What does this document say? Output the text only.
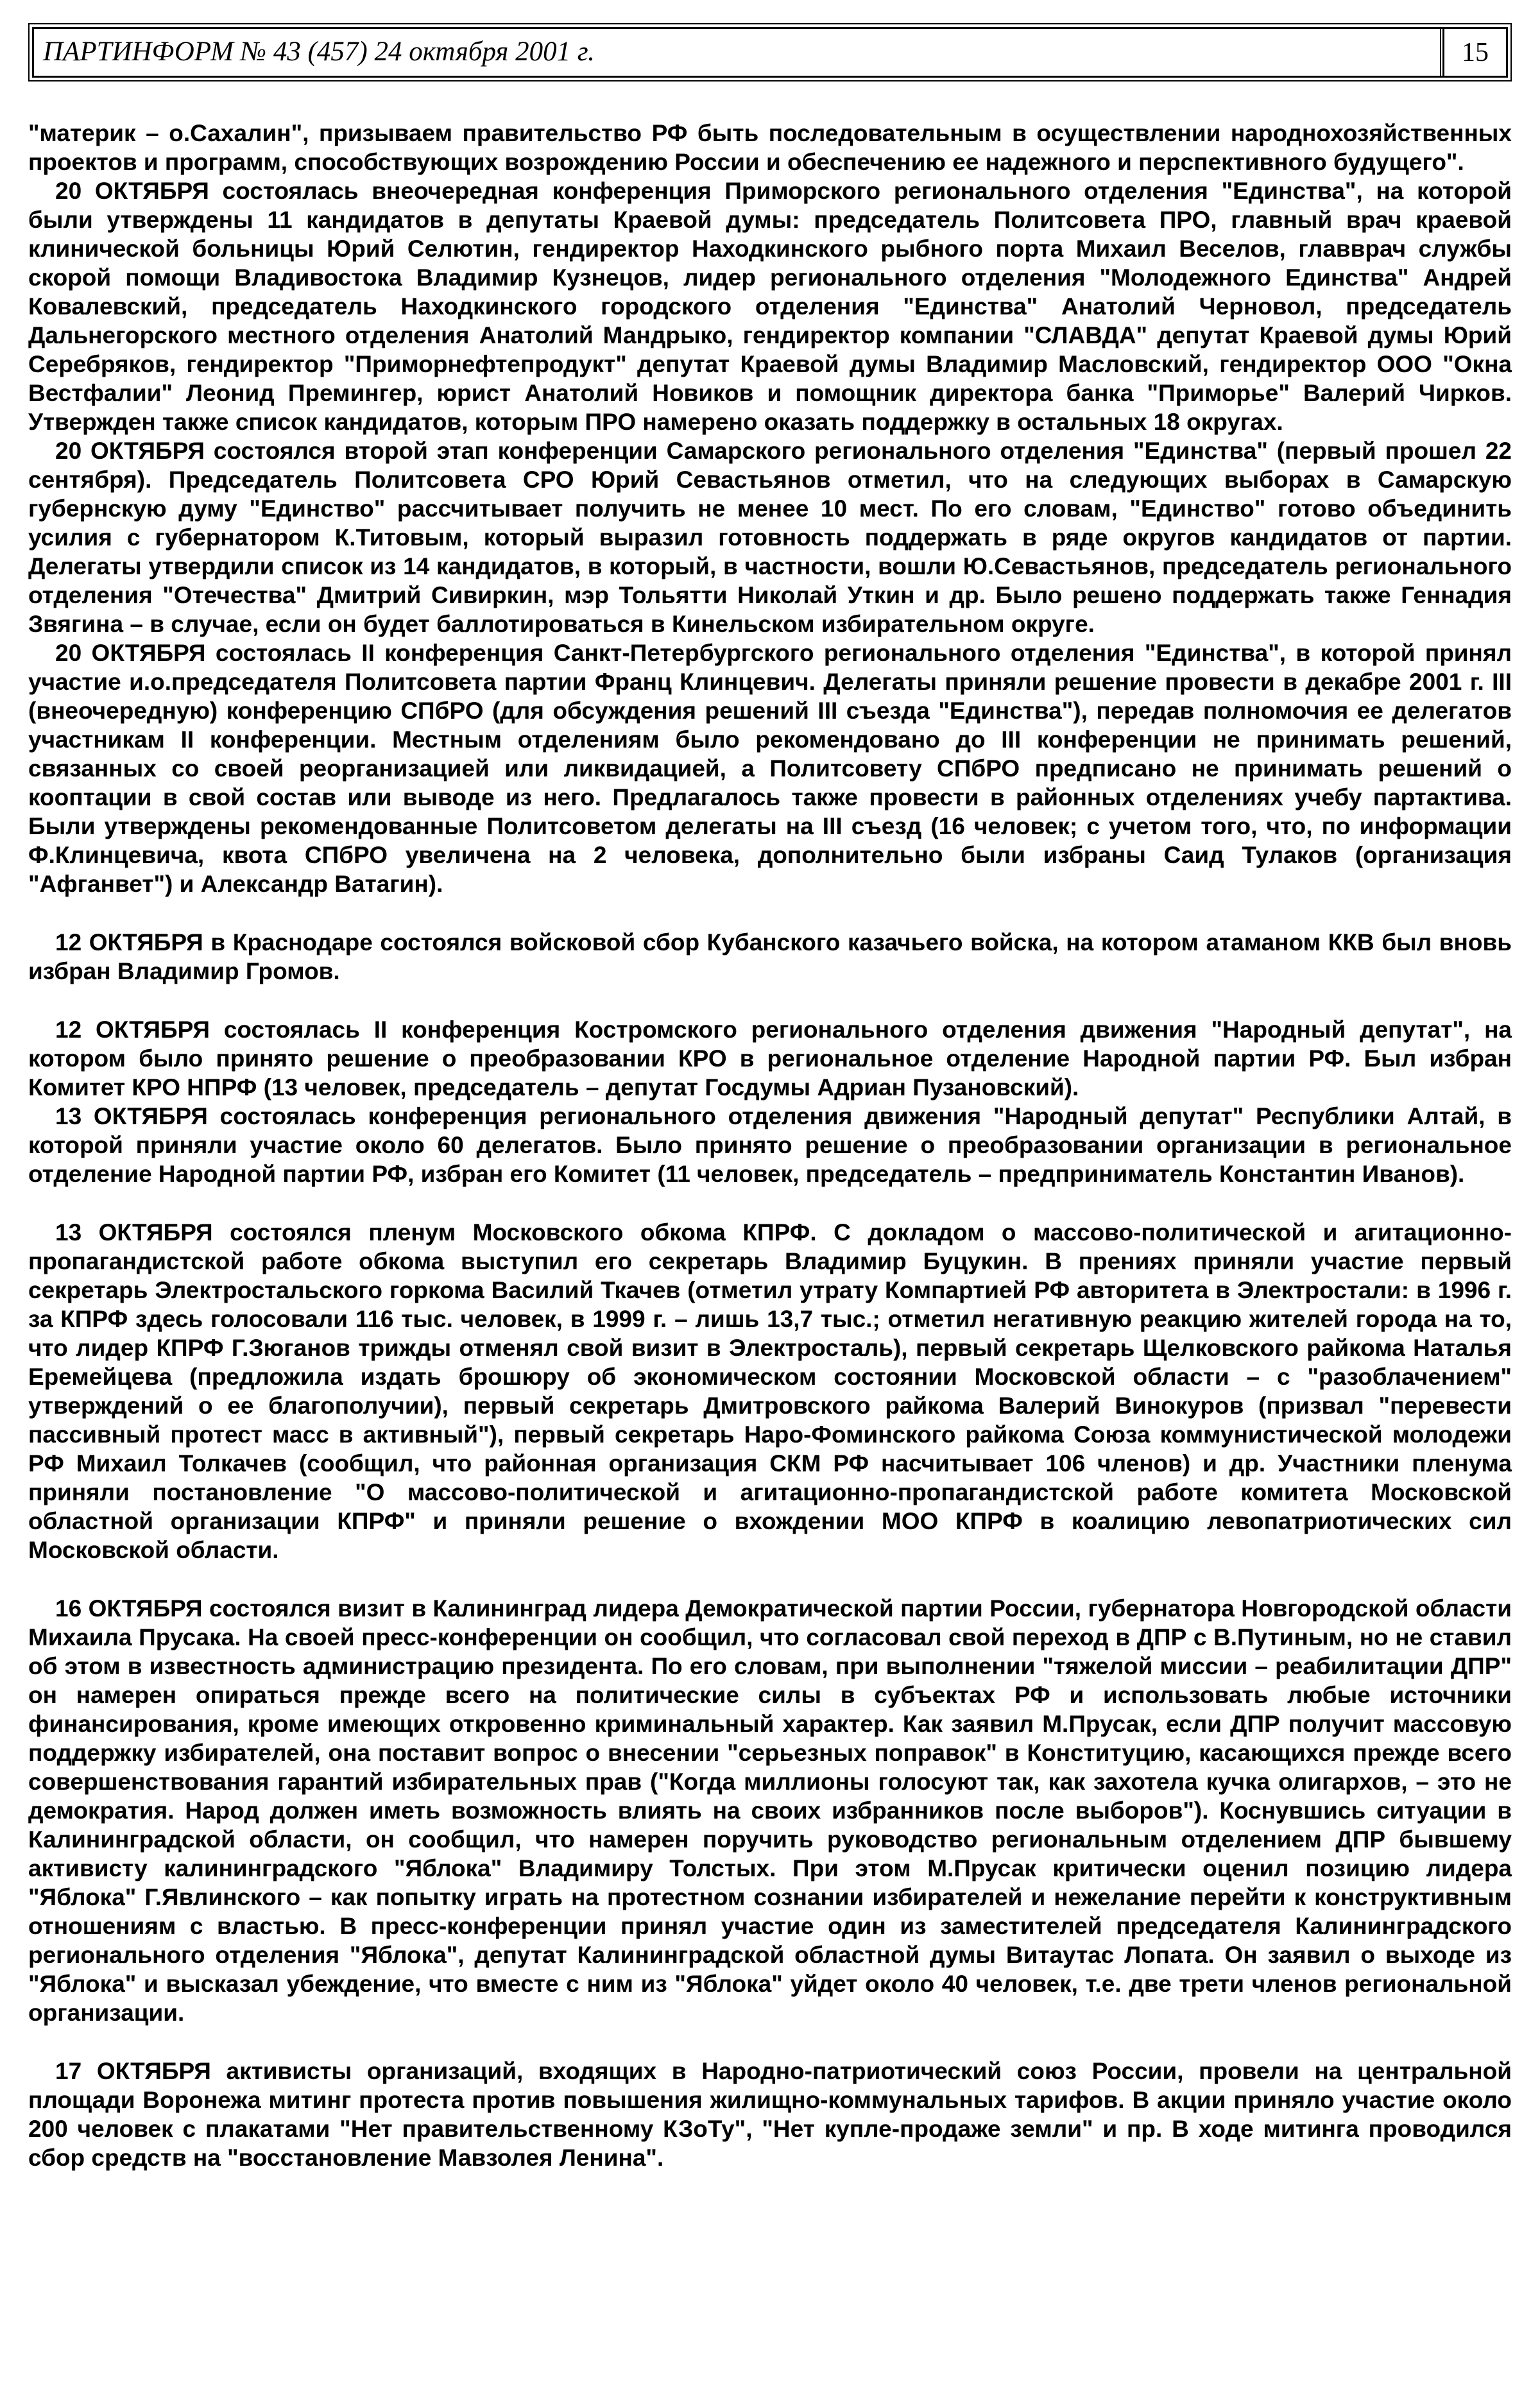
ПАРТИНФОРМ № 43 (457) 24 октября 2001 г.	15

"материк – о.Сахалин", призываем правительство РФ быть последовательным в осуществлении народнохозяйственных проектов и программ, способствующих возрождению России и обеспечению ее надежного и перспективного будущего".

20 ОКТЯБРЯ состоялась внеочередная конференция Приморского регионального отделения "Единства", на которой были утверждены 11 кандидатов в депутаты Краевой думы: председатель Политсовета ПРО, главный врач краевой клинической больницы Юрий Селютин, гендиректор Находкинского рыбного порта Михаил Веселов, главврач службы скорой помощи Владивостока Владимир Кузнецов, лидер регионального отделения "Молодежного Единства" Андрей Ковалевский, председатель Находкинского городского отделения "Единства" Анатолий Черновол, председатель Дальнегорского местного отделения Анатолий Мандрыко, гендиректор компании "СЛАВДА" депутат Краевой думы Юрий Серебряков, гендиректор "Приморнефтепродукт" депутат Краевой думы Владимир Масловский, гендиректор ООО "Окна Вестфалии" Леонид Премингер, юрист Анатолий Новиков и помощник директора банка "Приморье" Валерий Чирков. Утвержден также список кандидатов, которым ПРО намерено оказать поддержку в остальных 18 округах.

20 ОКТЯБРЯ состоялся второй этап конференции Самарского регионального отделения "Единства" (первый прошел 22 сентября). Председатель Политсовета СРО Юрий Севастьянов отметил, что на следующих выборах в Самарскую губернскую думу "Единство" рассчитывает получить не менее 10 мест. По его словам, "Единство" готово объединить усилия с губернатором К.Титовым, который выразил готовность поддержать в ряде округов кандидатов от партии. Делегаты утвердили список из 14 кандидатов, в который, в частности, вошли Ю.Севастьянов, председатель регионального отделения "Отечества" Дмитрий Сивиркин, мэр Тольятти Николай Уткин и др. Было решено поддержать также Геннадия Звягина – в случае, если он будет баллотироваться в Кинельском избирательном округе.

20 ОКТЯБРЯ состоялась II конференция Санкт-Петербургского регионального отделения "Единства", в которой принял участие и.о.председателя Политсовета партии Франц Клинцевич. Делегаты приняли решение провести в декабре 2001 г. III (внеочередную) конференцию СПбРО (для обсуждения решений III съезда "Единства"), передав полномочия ее делегатов участникам II конференции. Местным отделениям было рекомендовано до III конференции не принимать решений, связанных со своей реорганизацией или ликвидацией, а Политсовету СПбРО предписано не принимать решений о кооптации в свой состав или выводе из него. Предлагалось также провести в районных отделениях учебу партактива. Были утверждены рекомендованные Политсоветом делегаты на III съезд (16 человек; с учетом того, что, по информации Ф.Клинцевича, квота СПбРО увеличена на 2 человека, дополнительно были избраны Саид Тулаков (организация "Афганвет") и Александр Ватагин).

12 ОКТЯБРЯ в Краснодаре состоялся войсковой сбор Кубанского казачьего войска, на котором атаманом ККВ был вновь избран Владимир Громов.

12 ОКТЯБРЯ состоялась II конференция Костромского регионального отделения движения "Народный депутат", на котором было принято решение о преобразовании КРО в региональное отделение Народной партии РФ. Был избран Комитет КРО НПРФ (13 человек, председатель – депутат Госдумы Адриан Пузановский).

13 ОКТЯБРЯ состоялась конференция регионального отделения движения "Народный депутат" Республики Алтай, в которой приняли участие около 60 делегатов. Было принято решение о преобразовании организации в региональное отделение Народной партии РФ, избран его Комитет (11 человек, председатель – предприниматель Константин Иванов).

13 ОКТЯБРЯ состоялся пленум Московского обкома КПРФ. С докладом о массово-политической и агитационно-пропагандистской работе обкома выступил его секретарь Владимир Буцукин. В прениях приняли участие первый секретарь Электростальского горкома Василий Ткачев (отметил утрату Компартией РФ авторитета в Электростали: в 1996 г. за КПРФ здесь голосовали 116 тыс. человек, в 1999 г. – лишь 13,7 тыс.; отметил негативную реакцию жителей города на то, что лидер КПРФ Г.Зюганов трижды отменял свой визит в Электросталь), первый секретарь Щелковского райкома Наталья Еремейцева (предложила издать брошюру об экономическом состоянии Московской области – с "разоблачением" утверждений о ее благополучии), первый секретарь Дмитровского райкома Валерий Винокуров (призвал "перевести пассивный протест масс в активный"), первый секретарь Наро-Фоминского райкома Союза коммунистической молодежи РФ Михаил Толкачев (сообщил, что районная организация СКМ РФ насчитывает 106 членов) и др. Участники пленума приняли постановление "О массово-политической и агитационно-пропагандистской работе комитета Московской областной организации КПРФ" и приняли решение о вхождении МОО КПРФ в коалицию левопатриотических сил Московской области.

16 ОКТЯБРЯ состоялся визит в Калининград лидера Демократической партии России, губернатора Новгородской области Михаила Прусака. На своей пресс-конференции он сообщил, что согласовал свой переход в ДПР с В.Путиным, но не ставил об этом в известность администрацию президента. По его словам, при выполнении "тяжелой миссии – реабилитации ДПР" он намерен опираться прежде всего на политические силы в субъектах РФ и использовать любые источники финансирования, кроме имеющих откровенно криминальный характер. Как заявил М.Прусак, если ДПР получит массовую поддержку избирателей, она поставит вопрос о внесении "серьезных поправок" в Конституцию, касающихся прежде всего совершенствования гарантий избирательных прав ("Когда миллионы голосуют так, как захотела кучка олигархов, – это не демократия. Народ должен иметь возможность влиять на своих избранников после выборов"). Коснувшись ситуации в Калининградской области, он сообщил, что намерен поручить руководство региональным отделением ДПР бывшему активисту калининградского "Яблока" Владимиру Толстых. При этом М.Прусак критически оценил позицию лидера "Яблока" Г.Явлинского – как попытку играть на протестном сознании избирателей и нежелание перейти к конструктивным отношениям с властью. В пресс-конференции принял участие один из заместителей председателя Калининградского регионального отделения "Яблока", депутат Калининградской областной думы Витаутас Лопата. Он заявил о выходе из "Яблока" и высказал убеждение, что вместе с ним из "Яблока" уйдет около 40 человек, т.е. две трети членов региональной организации.

17 ОКТЯБРЯ активисты организаций, входящих в Народно-патриотический союз России, провели на центральной площади Воронежа митинг протеста против повышения жилищно-коммунальных тарифов. В акции приняло участие около 200 человек с плакатами "Нет правительственному КЗоТу", "Нет купле-продаже земли" и пр. В ходе митинга проводился сбор средств на "восстановление Мавзолея Ленина".
